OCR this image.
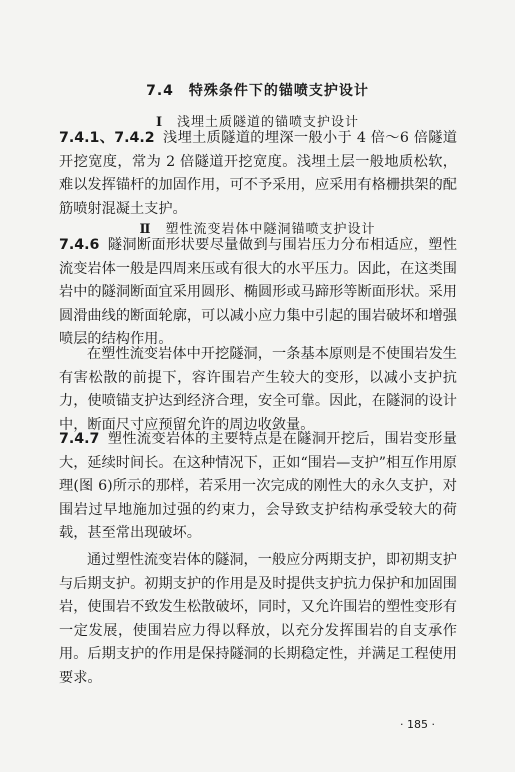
7.4　特殊条件下的锚喷支护设计
Ⅰ 浅埋土质隧道的锚喷支护设计
7.4.1、7.4.2 浅埋土质隧道的埋深一般小于 4 倍～6 倍隧道开挖宽度，常为 2 倍隧道开挖宽度。浅埋土层一般地质松软，难以发挥锚杆的加固作用，可不予采用，应采用有格栅拱架的配筋喷射混凝土支护。
Ⅱ 塑性流变岩体中隧洞锚喷支护设计
7.4.6 隧洞断面形状要尽量做到与围岩压力分布相适应，塑性流变岩体一般是四周来压或有很大的水平压力。因此，在这类围岩中的隧洞断面宜采用圆形、椭圆形或马蹄形等断面形状。采用圆滑曲线的断面轮廓，可以减小应力集中引起的围岩破坏和增强喷层的结构作用。
在塑性流变岩体中开挖隧洞，一条基本原则是不使围岩发生有害松散的前提下，容许围岩产生较大的变形，以减小支护抗力，使喷锚支护达到经济合理，安全可靠。因此，在隧洞的设计中，断面尺寸应预留允许的周边收敛量。
7.4.7 塑性流变岩体的主要特点是在隧洞开挖后，围岩变形量大，延续时间长。在这种情况下，正如“围岩—支护”相互作用原理(图 6)所示的那样，若采用一次完成的刚性大的永久支护，对围岩过早地施加过强的约束力，会导致支护结构承受较大的荷载，甚至常出现破坏。
通过塑性流变岩体的隧洞，一般应分两期支护，即初期支护与后期支护。初期支护的作用是及时提供支护抗力保护和加固围岩，使围岩不致发生松散破坏，同时，又允许围岩的塑性变形有一定发展，使围岩应力得以释放，以充分发挥围岩的自支承作用。后期支护的作用是保持隧洞的长期稳定性，并满足工程使用要求。
· 185 ·
